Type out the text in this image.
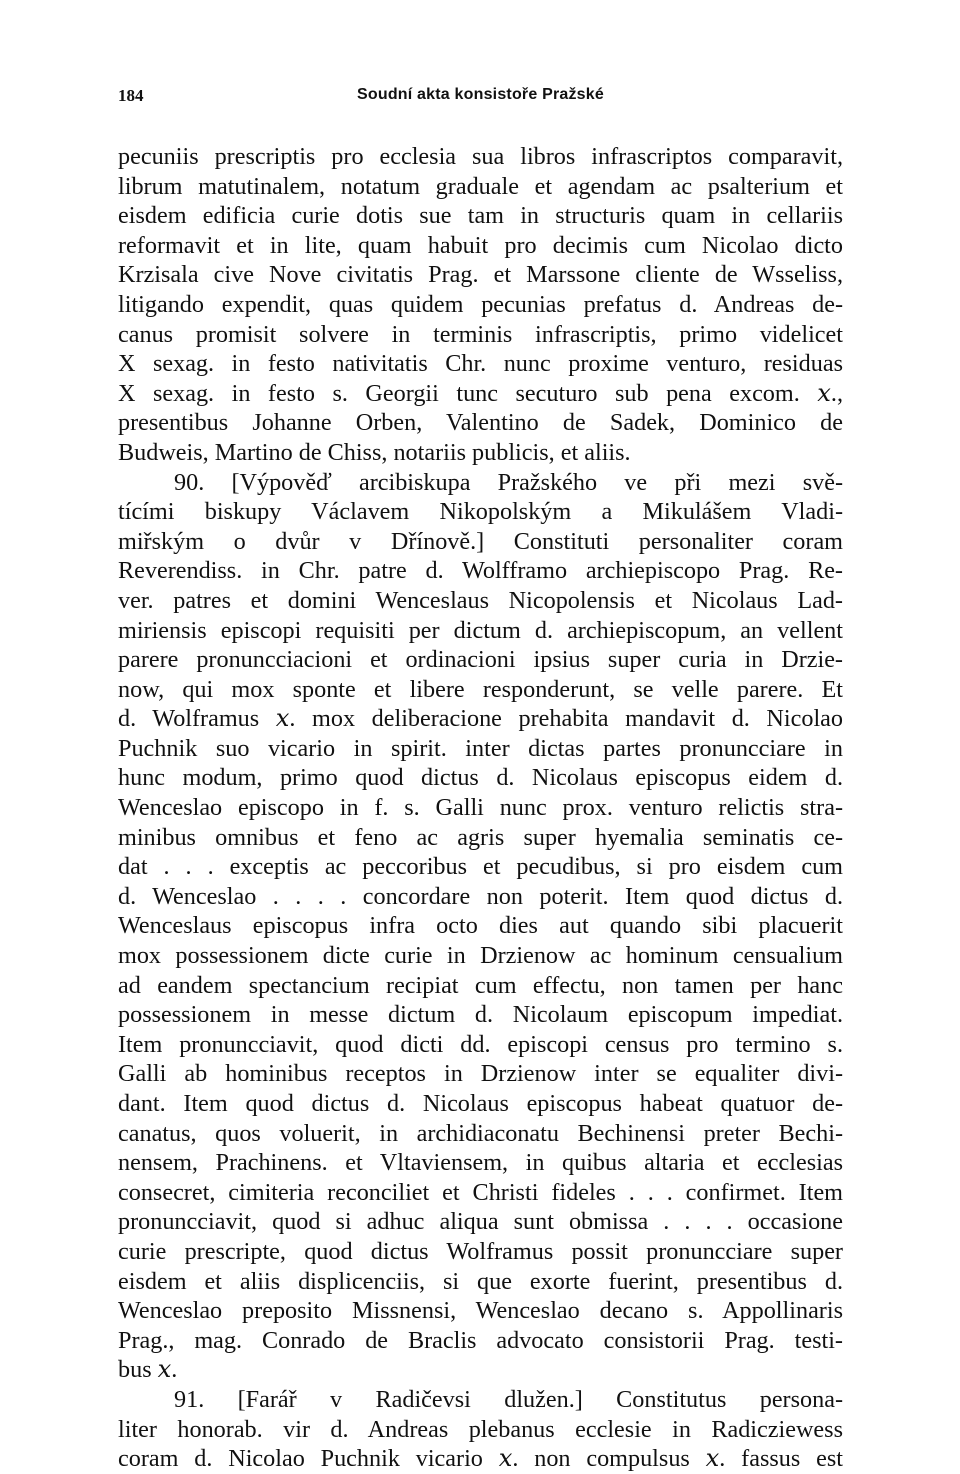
184	Soudní akta konsistoře Pražské
pecuniis prescriptis pro ecclesia sua libros infrascriptos comparavit,
librum matutinalem, notatum graduale et agendam ac psalterium et
eisdem edificia curie dotis sue tam in structuris quam in cellariis
reformavit et in lite, quam habuit pro decimis cum Nicolao dicto
Krzisala cive Nove civitatis Prag. et Marssone cliente de Wsseliss,
litigando expendit, quas quidem pecunias prefatus d. Andreas de-
canus promisit solvere in terminis infrascriptis, primo videlicet
X sexag. in festo nativitatis Chr. nunc proxime venturo, residuas
X sexag. in festo s. Georgii tunc secuturo sub pena excom. 𝑥.,
presentibus Johanne Orben, Valentino de Sadek, Dominico de
Budweis, Martino de Chiss, notariis publicis, et aliis.
90. [Výpověď arcibiskupa Pražského ve při mezi svě-
tícími biskupy Václavem Nikopolským a Mikulášem Vladi-
miřským o dvůr v Dřínově.] Constituti personaliter coram
Reverendiss. in Chr. patre d. Wolfframo archiepiscopo Prag. Re-
ver. patres et domini Wenceslaus Nicopolensis et Nicolaus Lad-
miriensis episcopi requisiti per dictum d. archiepiscopum, an vellent
parere pronuncciacioni et ordinacioni ipsius super curia in Drzie-
now, qui mox sponte et libere responderunt, se velle parere. Et
d. Wolframus 𝑥. mox deliberacione prehabita mandavit d. Nicolao
Puchnik suo vicario in spirit. inter dictas partes pronuncciare in
hunc modum, primo quod dictus d. Nicolaus episcopus eidem d.
Wenceslao episcopo in f. s. Galli nunc prox. venturo relictis stra-
minibus omnibus et feno ac agris super hyemalia seminatis ce-
dat . . . exceptis ac peccoribus et pecudibus, si pro eisdem cum
d. Wenceslao . . . . concordare non poterit. Item quod dictus d.
Wenceslaus episcopus infra octo dies aut quando sibi placuerit
mox possessionem dicte curie in Drzienow ac hominum censualium
ad eandem spectancium recipiat cum effectu, non tamen per hanc
possessionem in messe dictum d. Nicolaum episcopum impediat.
Item pronuncciavit, quod dicti dd. episcopi census pro termino s.
Galli ab hominibus receptos in Drzienow inter se equaliter divi-
dant. Item quod dictus d. Nicolaus episcopus habeat quatuor de-
canatus, quos voluerit, in archidiaconatu Bechinensi preter Bechi-
nensem, Prachinens. et Vltaviensem, in quibus altaria et ecclesias
consecret, cimiteria reconciliet et Christi fideles . . . confirmet. Item
pronuncciavit, quod si adhuc aliqua sunt obmissa . . . . occasione
curie prescripte, quod dictus Wolframus possit pronuncciare super
eisdem et aliis displicenciis, si que exorte fuerint, presentibus d.
Wenceslao preposito Missnensi, Wenceslao decano s. Appollinaris
Prag., mag. Conrado de Braclis advocato consistorii Prag. testi-
bus 𝑥.
91. [Farář v Radičevsi dlužen.] Constitutus persona-
liter honorab. vir d. Andreas plebanus ecclesie in Radicziewess
coram d. Nicolao Puchnik vicario 𝑥. non compulsus 𝑥. fassus est
